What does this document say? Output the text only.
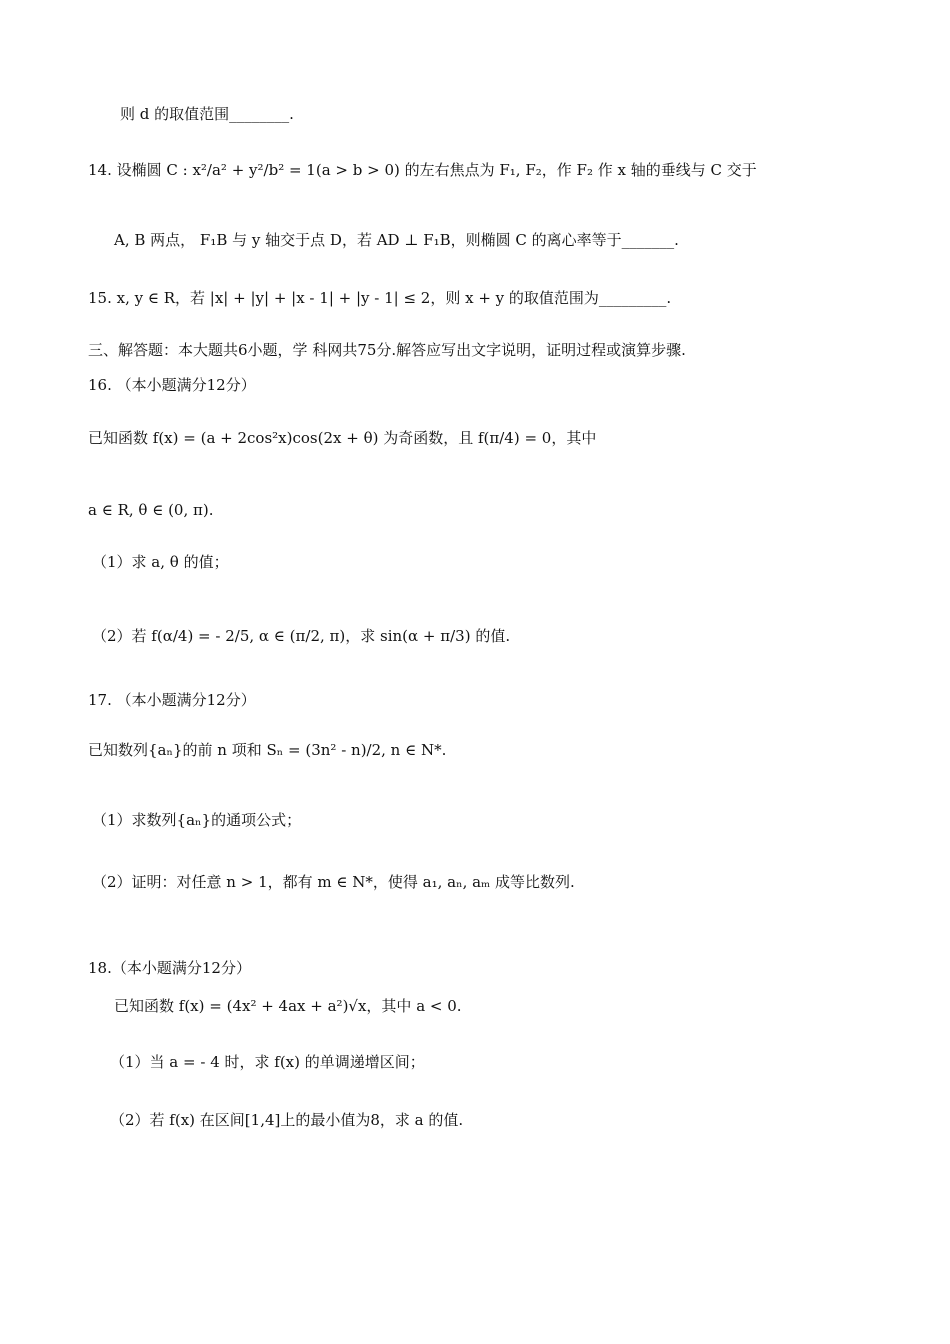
则 d 的取值范围________.
14. 设椭圆 C : x²/a² + y²/b² = 1(a > b > 0) 的左右焦点为 F₁, F₂，作 F₂ 作 x 轴的垂线与 C 交于
A, B 两点， F₁B 与 y 轴交于点 D，若 AD ⊥ F₁B，则椭圆 C 的离心率等于_______.
15. x, y ∈ R，若 |x| + |y| + |x - 1| + |y - 1| ≤ 2，则 x + y 的取值范围为_________.
三、解答题：本大题共6小题，学 科网共75分.解答应写出文字说明，证明过程或演算步骤.
16. （本小题满分12分）
已知函数 f(x) = (a + 2cos²x)cos(2x + θ) 为奇函数，且 f(π/4) = 0，其中
a ∈ R, θ ∈ (0, π).
（1）求 a, θ 的值；
（2）若 f(α/4) = - 2/5, α ∈ (π/2, π)，求 sin(α + π/3) 的值.
17. （本小题满分12分）
已知数列{aₙ}的前 n 项和 Sₙ = (3n² - n)/2, n ∈ N*.
（1）求数列{aₙ}的通项公式；
（2）证明：对任意 n > 1，都有 m ∈ N*，使得 a₁, aₙ, aₘ 成等比数列.
18.（本小题满分12分）
已知函数 f(x) = (4x² + 4ax + a²)√x，其中 a < 0.
（1）当 a = - 4 时，求 f(x) 的单调递增区间；
（2）若 f(x) 在区间[1,4]上的最小值为8，求 a 的值.
